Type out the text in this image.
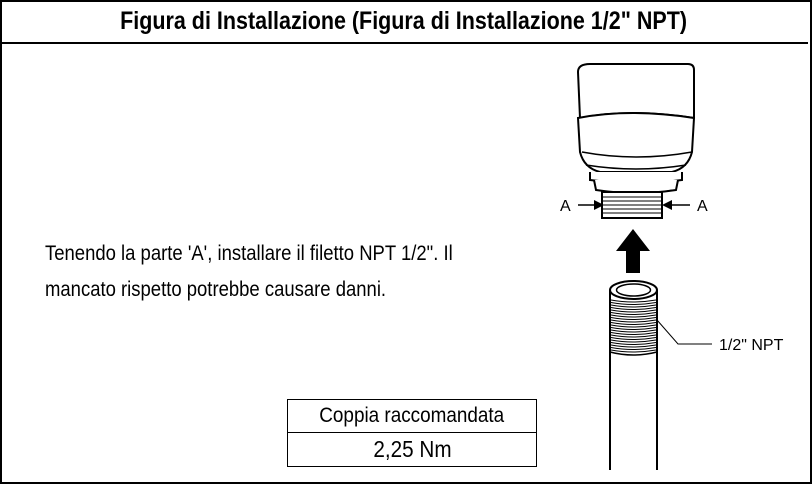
Figura di Installazione (Figura di Installazione 1/2" NPT)
Tenendo la parte 'A', installare il filetto NPT 1/2". Il
mancato rispetto potrebbe causare danni.
Coppia raccomandata
2,25 Nm
A	A
1/2" NPT
